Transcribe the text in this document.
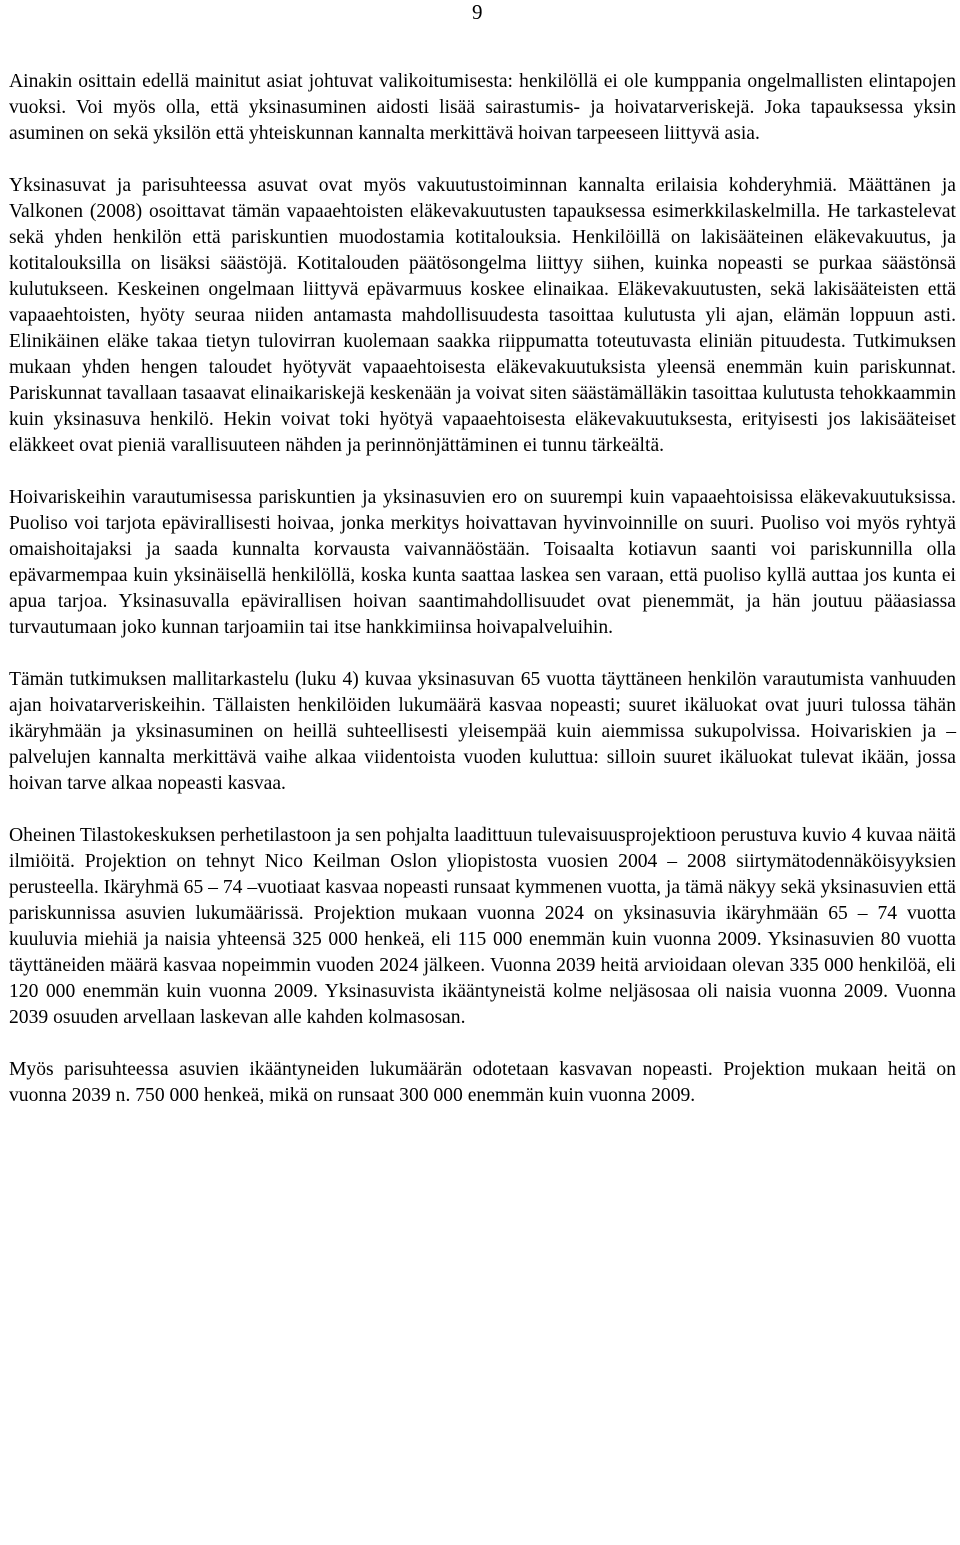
9

Ainakin osittain edellä mainitut asiat johtuvat valikoitumisesta: henkilöllä ei ole kumppania ongelmallisten elintapojen vuoksi. Voi myös olla, että yksinasuminen aidosti lisää sairastumis- ja hoivatarveriskejä. Joka tapauksessa yksin asuminen on sekä yksilön että yhteiskunnan kannalta merkittävä hoivan tarpeeseen liittyvä asia.

Yksinasuvat ja parisuhteessa asuvat ovat myös vakuutustoiminnan kannalta erilaisia kohderyhmiä. Määttänen ja Valkonen (2008) osoittavat tämän vapaaehtoisten eläkevakuutusten tapauksessa esimerkkilaskelmilla. He tarkastelevat sekä yhden henkilön että pariskuntien muodostamia kotitalouksia. Henkilöillä on lakisääteinen eläkevakuutus, ja kotitalouksilla on lisäksi säästöjä. Kotitalouden päätösongelma liittyy siihen, kuinka nopeasti se purkaa säästönsä kulutukseen. Keskeinen ongelmaan liittyvä epävarmuus koskee elinaikaa. Eläkevakuutusten, sekä lakisääteisten että vapaaehtoisten, hyöty seuraa niiden antamasta mahdollisuudesta tasoittaa kulutusta yli ajan, elämän loppuun asti. Elinikäinen eläke takaa tietyn tulovirran kuolemaan saakka riippumatta toteutuvasta eliniän pituudesta. Tutkimuksen mukaan yhden hengen taloudet hyötyvät vapaaehtoisesta eläkevakuutuksista yleensä enemmän kuin pariskunnat. Pariskunnat tavallaan tasaavat elinaikariskejä keskenään ja voivat siten säästämälläkin tasoittaa kulutusta tehokkaammin kuin yksinasuva henkilö. Hekin voivat toki hyötyä vapaaehtoisesta eläkevakuutuksesta, erityisesti jos lakisääteiset eläkkeet ovat pieniä varallisuuteen nähden ja perinnönjättäminen ei tunnu tärkeältä.

Hoivariskeihin varautumisessa pariskuntien ja yksinasuvien ero on suurempi kuin vapaaehtoisissa eläkevakuutuksissa. Puoliso voi tarjota epävirallisesti hoivaa, jonka merkitys hoivattavan hyvinvoinnille on suuri. Puoliso voi myös ryhtyä omaishoitajaksi ja saada kunnalta korvausta vaivannäöstään. Toisaalta kotiavun saanti voi pariskunnilla olla epävarmempaa kuin yksinäisellä henkilöllä, koska kunta saattaa laskea sen varaan, että puoliso kyllä auttaa jos kunta ei apua tarjoa. Yksinasuvalla epävirallisen hoivan saantimahdollisuudet ovat pienemmät, ja hän joutuu pääasiassa turvautumaan joko kunnan tarjoamiin tai itse hankkimiinsa hoivapalveluihin.

Tämän tutkimuksen mallitarkastelu (luku 4) kuvaa yksinasuvan 65 vuotta täyttäneen henkilön varautumista vanhuuden ajan hoivatarveriskeihin. Tällaisten henkilöiden lukumäärä kasvaa nopeasti; suuret ikäluokat ovat juuri tulossa tähän ikäryhmään ja yksinasuminen on heillä suhteellisesti yleisempää kuin aiemmissa sukupolvissa. Hoivariskien ja –palvelujen kannalta merkittävä vaihe alkaa viidentoista vuoden kuluttua: silloin suuret ikäluokat tulevat ikään, jossa hoivan tarve alkaa nopeasti kasvaa.

Oheinen Tilastokeskuksen perhetilastoon ja sen pohjalta laadittuun tulevaisuusprojektioon perustuva kuvio 4 kuvaa näitä ilmiöitä. Projektion on tehnyt Nico Keilman Oslon yliopistosta vuosien 2004 – 2008 siirtymätodennäköisyyksien perusteella. Ikäryhmä 65 – 74 –vuotiaat kasvaa nopeasti runsaat kymmenen vuotta, ja tämä näkyy sekä yksinasuvien että pariskunnissa asuvien lukumäärissä. Projektion mukaan vuonna 2024 on yksinasuvia ikäryhmään 65 – 74 vuotta kuuluvia miehiä ja naisia yhteensä 325 000 henkeä, eli 115 000 enemmän kuin vuonna 2009. Yksinasuvien 80 vuotta täyttäneiden määrä kasvaa nopeimmin vuoden 2024 jälkeen. Vuonna 2039 heitä arvioidaan olevan 335 000 henkilöä, eli 120 000 enemmän kuin vuonna 2009. Yksinasuvista ikääntyneistä kolme neljäsosaa oli naisia vuonna 2009. Vuonna 2039 osuuden arvellaan laskevan alle kahden kolmasosan.

Myös parisuhteessa asuvien ikääntyneiden lukumäärän odotetaan kasvavan nopeasti. Projektion mukaan heitä on vuonna 2039 n. 750 000 henkeä, mikä on runsaat 300 000 enemmän kuin vuonna 2009.
